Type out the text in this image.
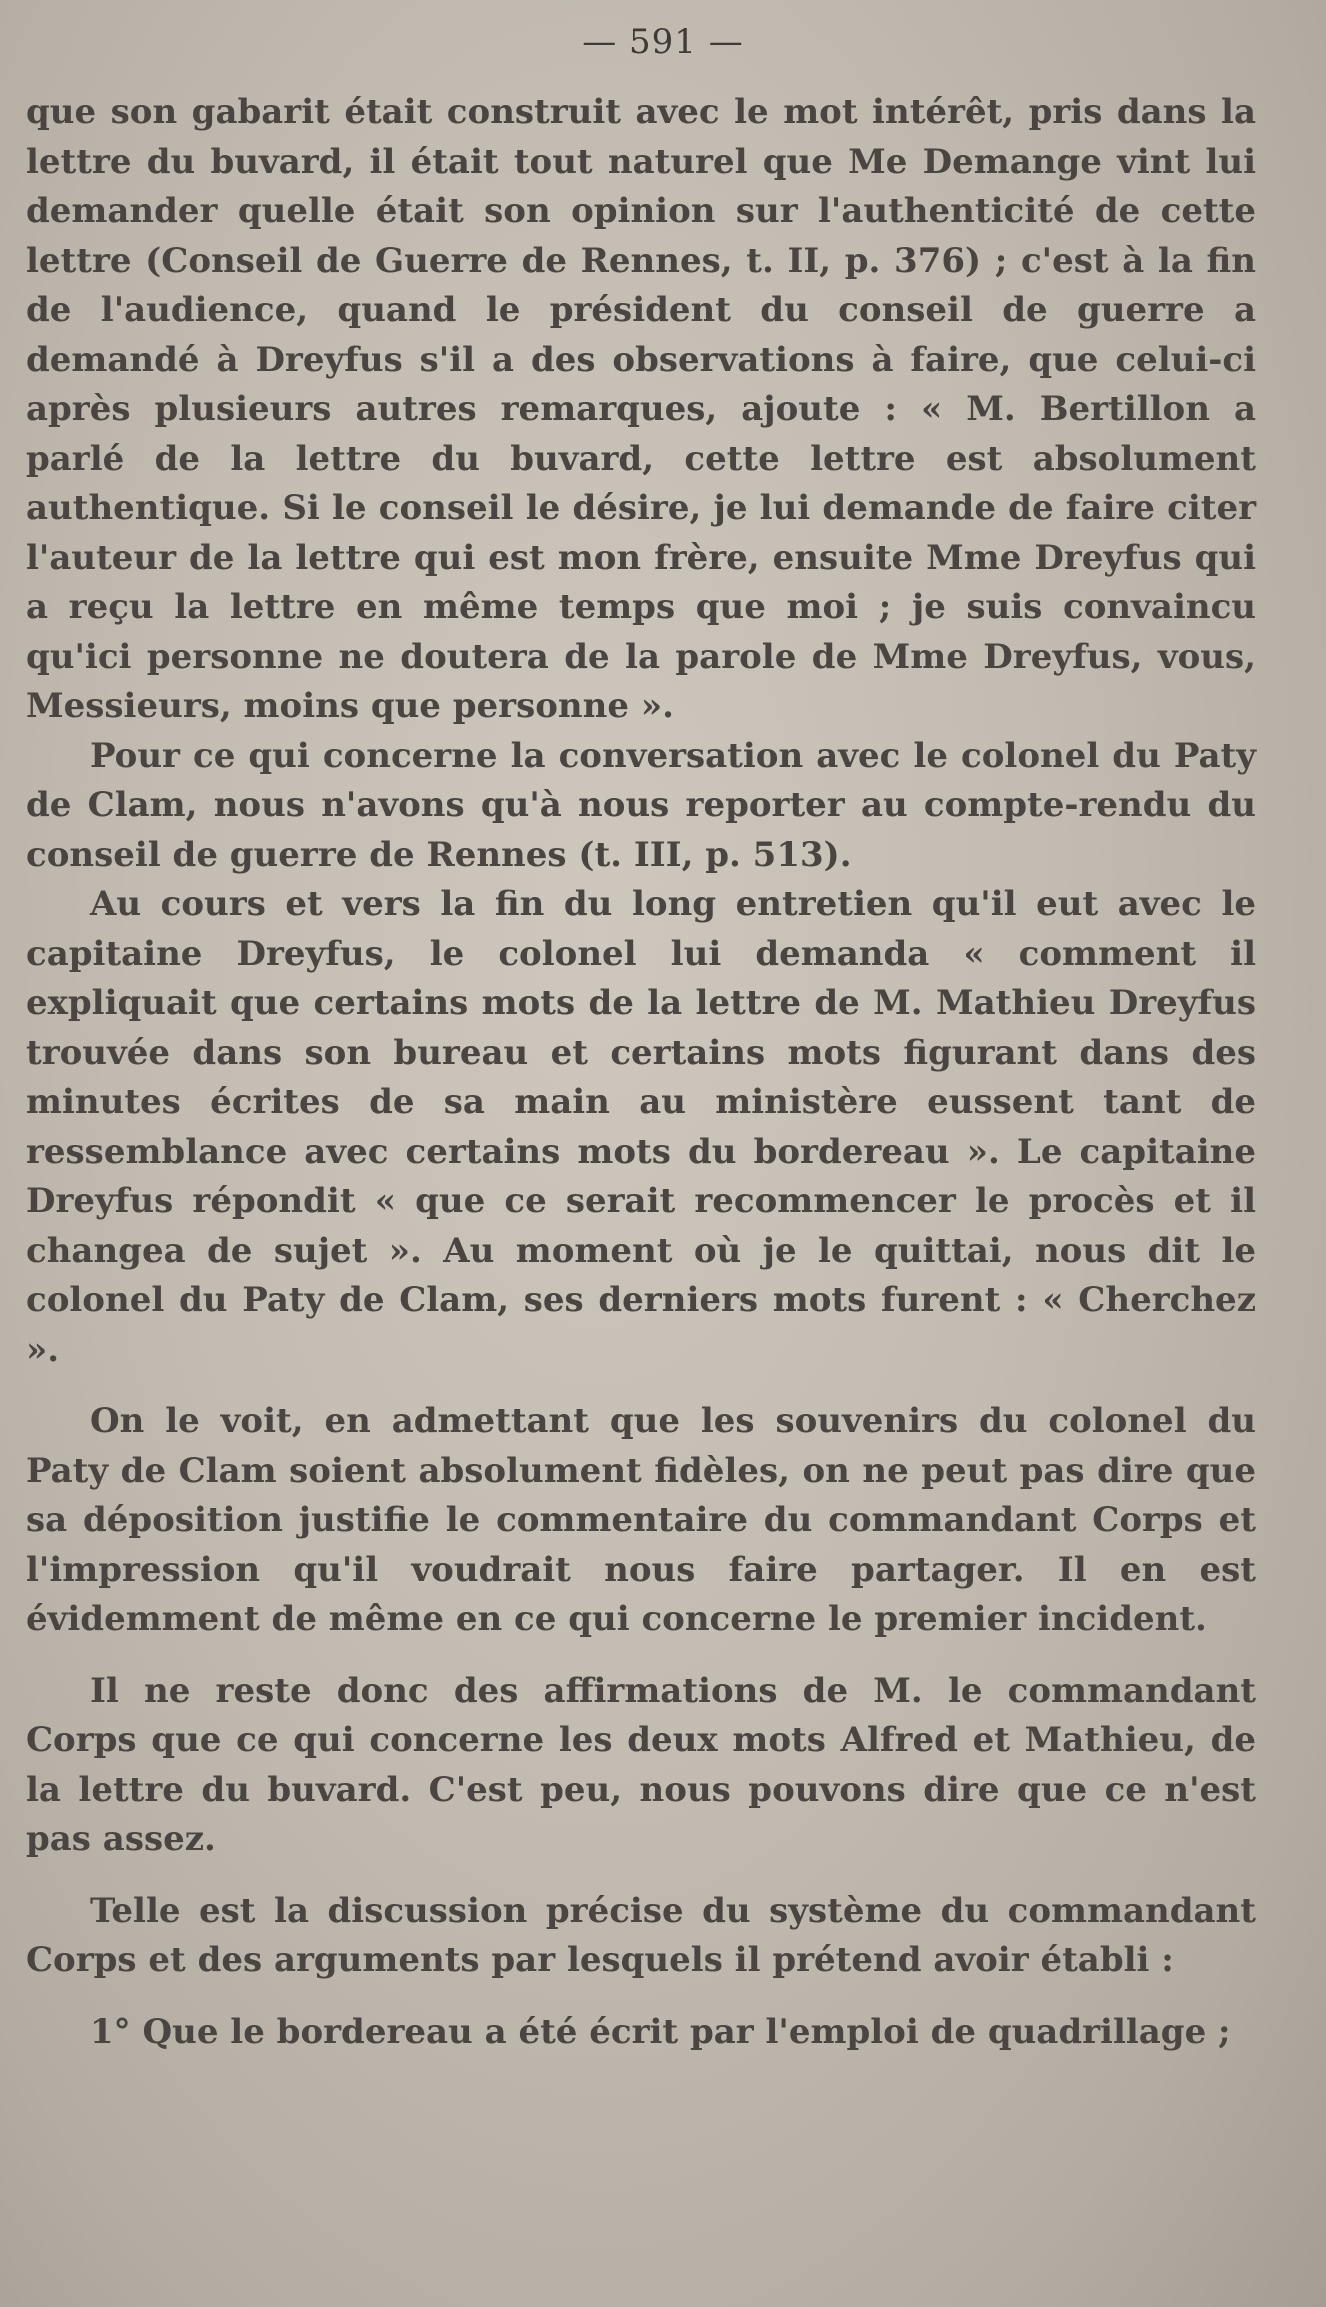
— 591 —

que son gabarit était construit avec le mot intérêt, pris dans la lettre du buvard, il était tout naturel que Me Demange vint lui demander quelle était son opinion sur l'authenticité de cette lettre (Conseil de Guerre de Rennes, t. II, p. 376) ; c'est à la fin de l'audience, quand le président du conseil de guerre a demandé à Dreyfus s'il a des observations à faire, que celui-ci après plusieurs autres remarques, ajoute : « M. Bertillon a parlé de la lettre du buvard, cette lettre est absolument authentique. Si le conseil le désire, je lui demande de faire citer l'auteur de la lettre qui est mon frère, ensuite Mme Dreyfus qui a reçu la lettre en même temps que moi ; je suis convaincu qu'ici personne ne doutera de la parole de Mme Dreyfus, vous, Messieurs, moins que personne ».

Pour ce qui concerne la conversation avec le colonel du Paty de Clam, nous n'avons qu'à nous reporter au compte-rendu du conseil de guerre de Rennes (t. III, p. 513).

Au cours et vers la fin du long entretien qu'il eut avec le capitaine Dreyfus, le colonel lui demanda « comment il expliquait que certains mots de la lettre de M. Mathieu Dreyfus trouvée dans son bureau et certains mots figurant dans des minutes écrites de sa main au ministère eussent tant de ressemblance avec certains mots du bordereau ». Le capitaine Dreyfus répondit « que ce serait recommencer le procès et il changea de sujet ». Au moment où je le quittai, nous dit le colonel du Paty de Clam, ses derniers mots furent : « Cherchez ».

On le voit, en admettant que les souvenirs du colonel du Paty de Clam soient absolument fidèles, on ne peut pas dire que sa déposition justifie le commentaire du commandant Corps et l'impression qu'il voudrait nous faire partager. Il en est évidemment de même en ce qui concerne le premier incident.

Il ne reste donc des affirmations de M. le commandant Corps que ce qui concerne les deux mots Alfred et Mathieu, de la lettre du buvard. C'est peu, nous pouvons dire que ce n'est pas assez.

Telle est la discussion précise du système du commandant Corps et des arguments par lesquels il prétend avoir établi :

1° Que le bordereau a été écrit par l'emploi de quadrillage ;
